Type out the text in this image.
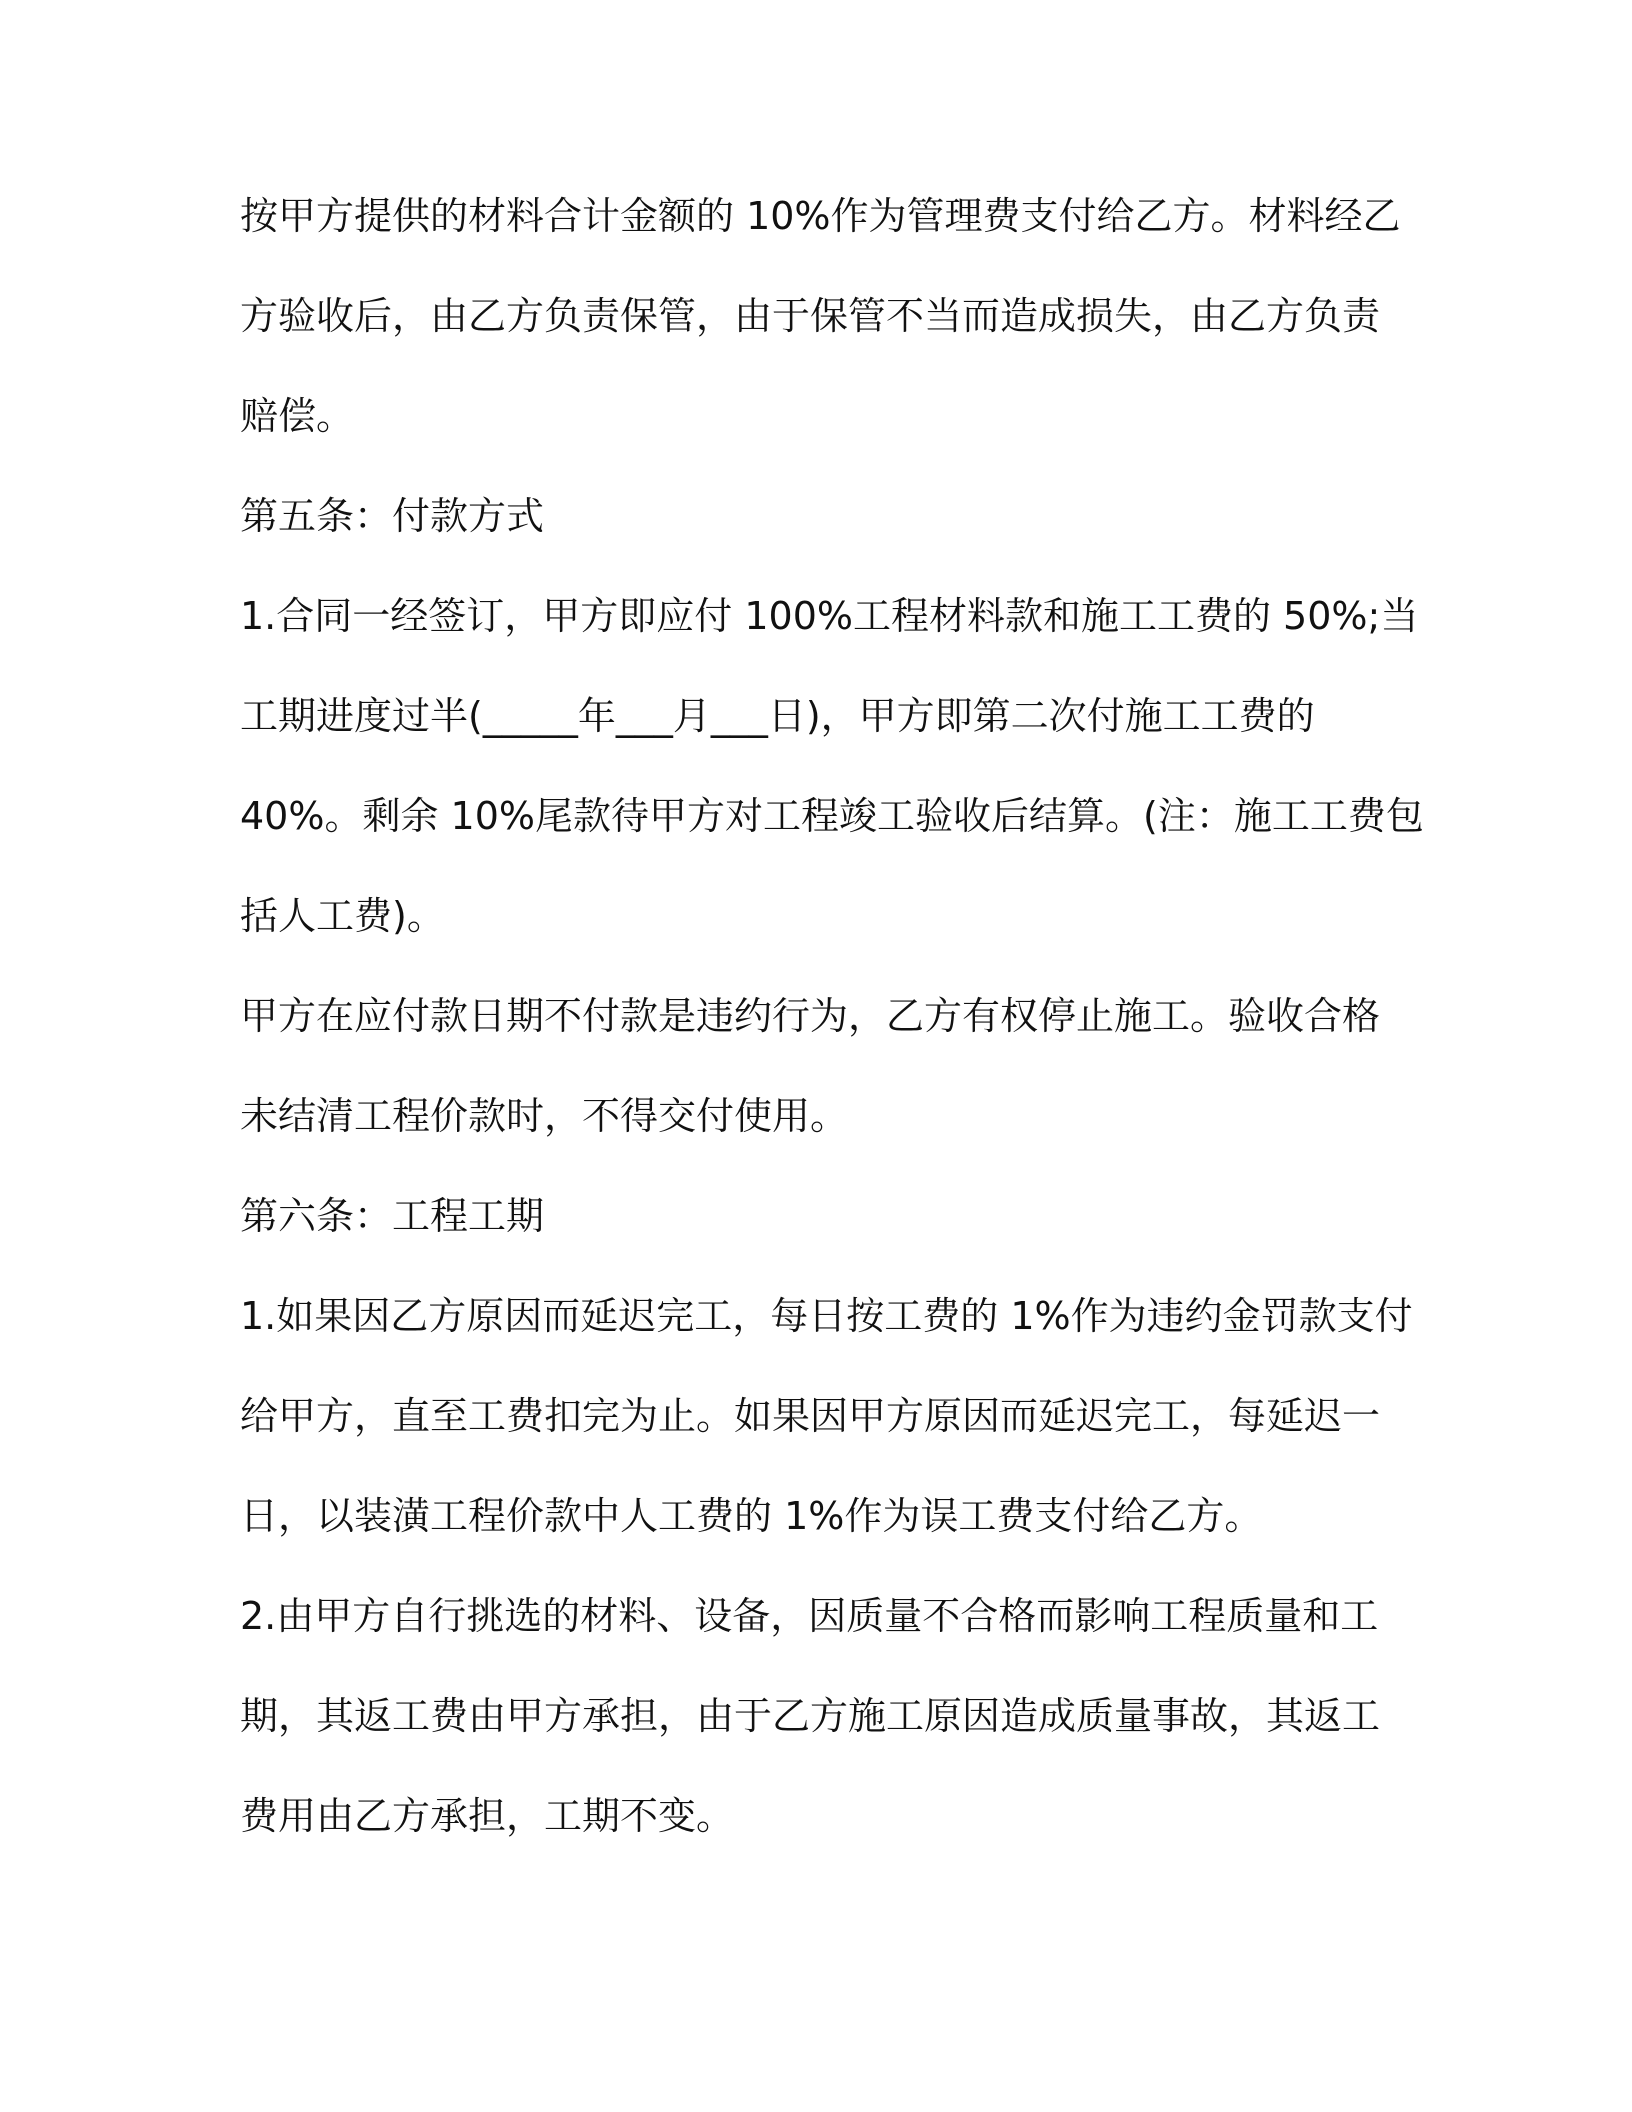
按甲方提供的材料合计金额的 10%作为管理费支付给乙方。材料经乙
方验收后，由乙方负责保管，由于保管不当而造成损失，由乙方负责
赔偿。
第五条：付款方式
1.合同一经签订，甲方即应付 100%工程材料款和施工工费的 50%;当
工期进度过半(_____年___月___日)，甲方即第二次付施工工费的
40%。剩余 10%尾款待甲方对工程竣工验收后结算。(注：施工工费包
括人工费)。
甲方在应付款日期不付款是违约行为，乙方有权停止施工。验收合格
未结清工程价款时，不得交付使用。
第六条：工程工期
1.如果因乙方原因而延迟完工，每日按工费的 1%作为违约金罚款支付
给甲方，直至工费扣完为止。如果因甲方原因而延迟完工，每延迟一
日，以装潢工程价款中人工费的 1%作为误工费支付给乙方。
2.由甲方自行挑选的材料、设备，因质量不合格而影响工程质量和工
期，其返工费由甲方承担，由于乙方施工原因造成质量事故，其返工
费用由乙方承担，工期不变。
